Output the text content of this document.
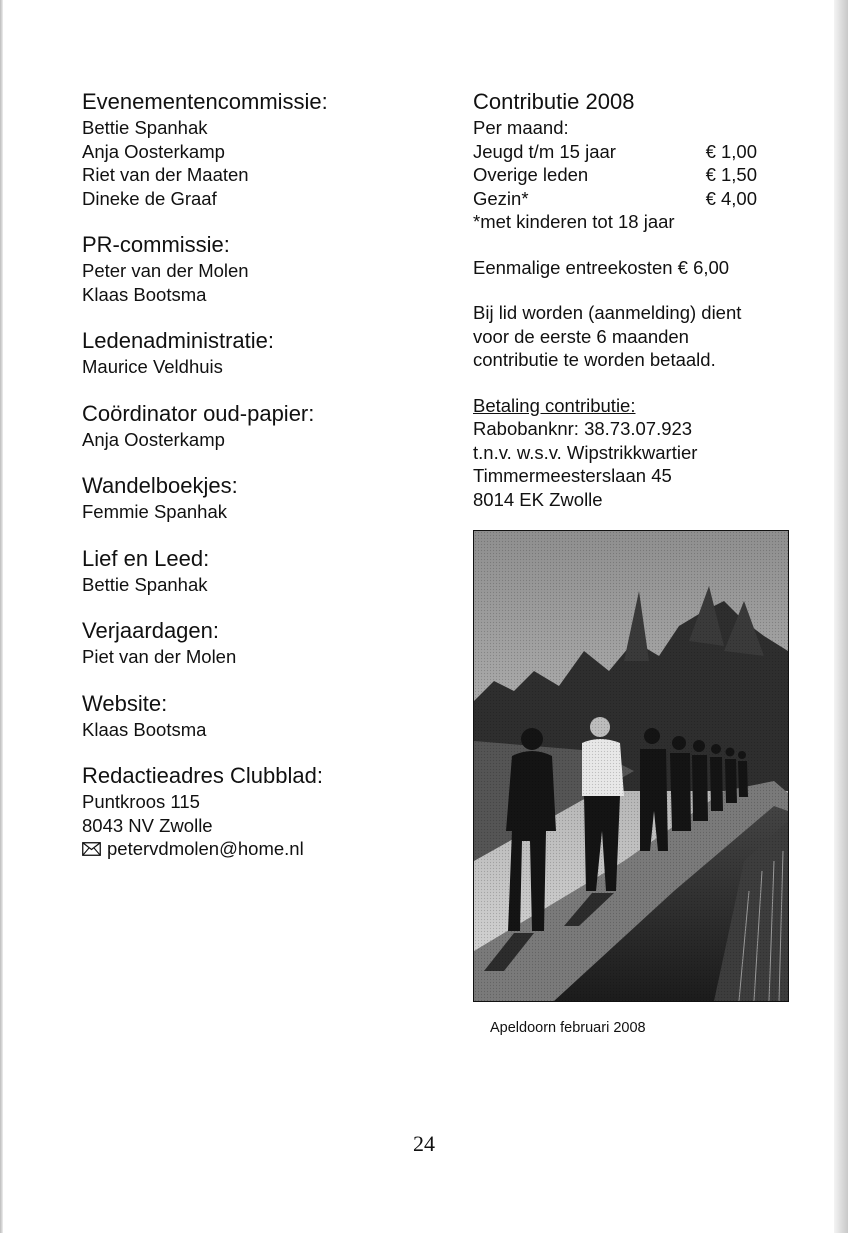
Evenementencommissie:
Bettie Spanhak
Anja Oosterkamp
Riet van der Maaten
Dineke de Graaf
PR-commissie:
Peter van der Molen
Klaas Bootsma
Ledenadministratie:
Maurice Veldhuis
Coördinator oud-papier:
Anja Oosterkamp
Wandelboekjes:
Femmie Spanhak
Lief en Leed:
Bettie Spanhak
Verjaardagen:
Piet van der Molen
Website:
Klaas Bootsma
Redactieadres Clubblad:
Puntkroos 115
8043 NV Zwolle
petervdmolen@home.nl
Contributie 2008
Per maand:
Jeugd t/m 15 jaar	€ 1,00
Overige leden	€ 1,50
Gezin*	€ 4,00
*met kinderen tot 18 jaar
Eenmalige entreekosten € 6,00
Bij lid worden (aanmelding) dient
voor de eerste 6 maanden
contributie te worden betaald.
Betaling contributie:
Rabobanknr: 38.73.07.923
t.n.v. w.s.v. Wipstrikkwartier
Timmermeesterslaan 45
8014 EK Zwolle
Apeldoorn februari 2008
24
